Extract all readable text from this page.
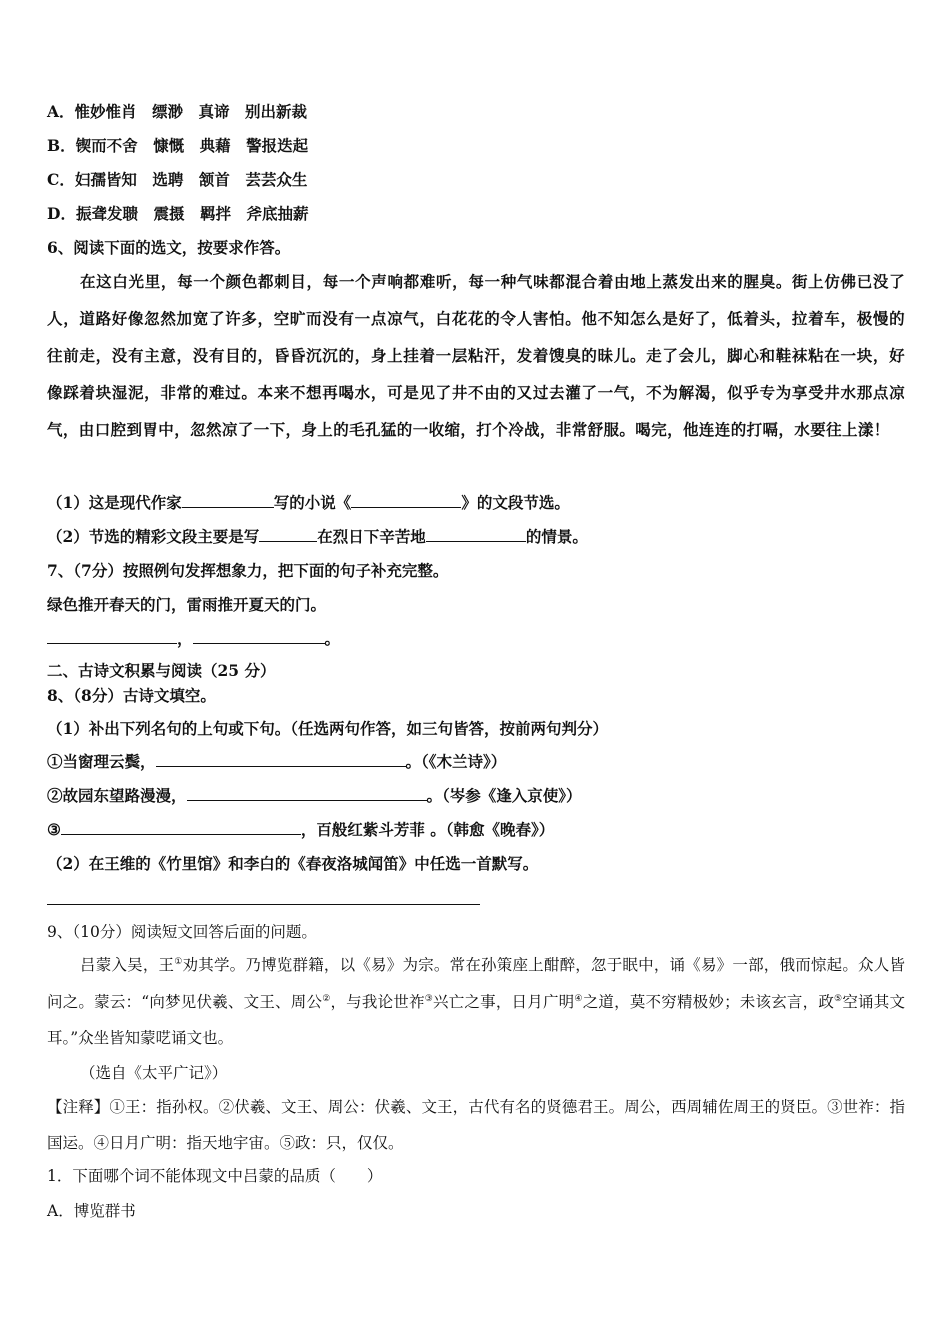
A．惟妙惟肖　缥渺　真谛　别出新裁
B．锲而不舍　慷慨　典藉　警报迭起
C．妇孺皆知　选聘　颔首　芸芸众生
D．振聋发聩　震摄　羁拌　斧底抽薪
6、阅读下面的选文，按要求作答。
在这白光里，每一个颜色都刺目，每一个声响都难听，每一种气味都混合着由地上蒸发出来的腥臭。街上仿佛已没了人，道路好像忽然加宽了许多，空旷而没有一点凉气，白花花的令人害怕。他不知怎么是好了，低着头，拉着车，极慢的往前走，没有主意，没有目的，昏昏沉沉的，身上挂着一层粘汗，发着馊臭的昧儿。走了会儿，脚心和鞋袜粘在一块，好像踩着块湿泥，非常的难过。本来不想再喝水，可是见了井不由的又过去灌了一气，不为解渴，似乎专为享受井水那点凉气，由口腔到胃中，忽然凉了一下，身上的毛孔猛的一收缩，打个冷战，非常舒服。喝完，他连连的打嗝，水要往上漾！
（1）这是现代作家	写的小说《	》的文段节选。
（2）节选的精彩文段主要是写	在烈日下辛苦地	的情景。
7、（7分）按照例句发挥想象力，把下面的句子补充完整。
绿色推开春天的门，雷雨推开夏天的门。
，	。
二、古诗文积累与阅读（25 分）
8、（8分）古诗文填空。
（1）补出下列名句的上句或下句。（任选两句作答，如三句皆答，按前两句判分）
①当窗理云鬓，	。（《木兰诗》）
②故园东望路漫漫，	。（岑参《逢入京使》）
③	，百般红紫斗芳菲 。（韩愈《晚春》）
（2）在王维的《竹里馆》和李白的《春夜洛城闻笛》中任选一首默写。
9、（10分）阅读短文回答后面的问题。
吕蒙入吴，王①劝其学。乃博览群籍，以《易》为宗。常在孙策座上酣醉，忽于眠中，诵《易》一部，俄而惊起。众人皆问之。蒙云：“向梦见伏羲、文王、周公②，与我论世祚③兴亡之事，日月广明④之道，莫不穷精极妙；未该玄言，政⑤空诵其文耳。”众坐皆知蒙呓诵文也。
（选自《太平广记》）
【注释】①王：指孙权。②伏羲、文王、周公：伏羲、文王，古代有名的贤德君王。周公，西周辅佐周王的贤臣。③世祚：指国运。④日月广明：指天地宇宙。⑤政：只，仅仅。
1．下面哪个词不能体现文中吕蒙的品质（　　）
A．博览群书
